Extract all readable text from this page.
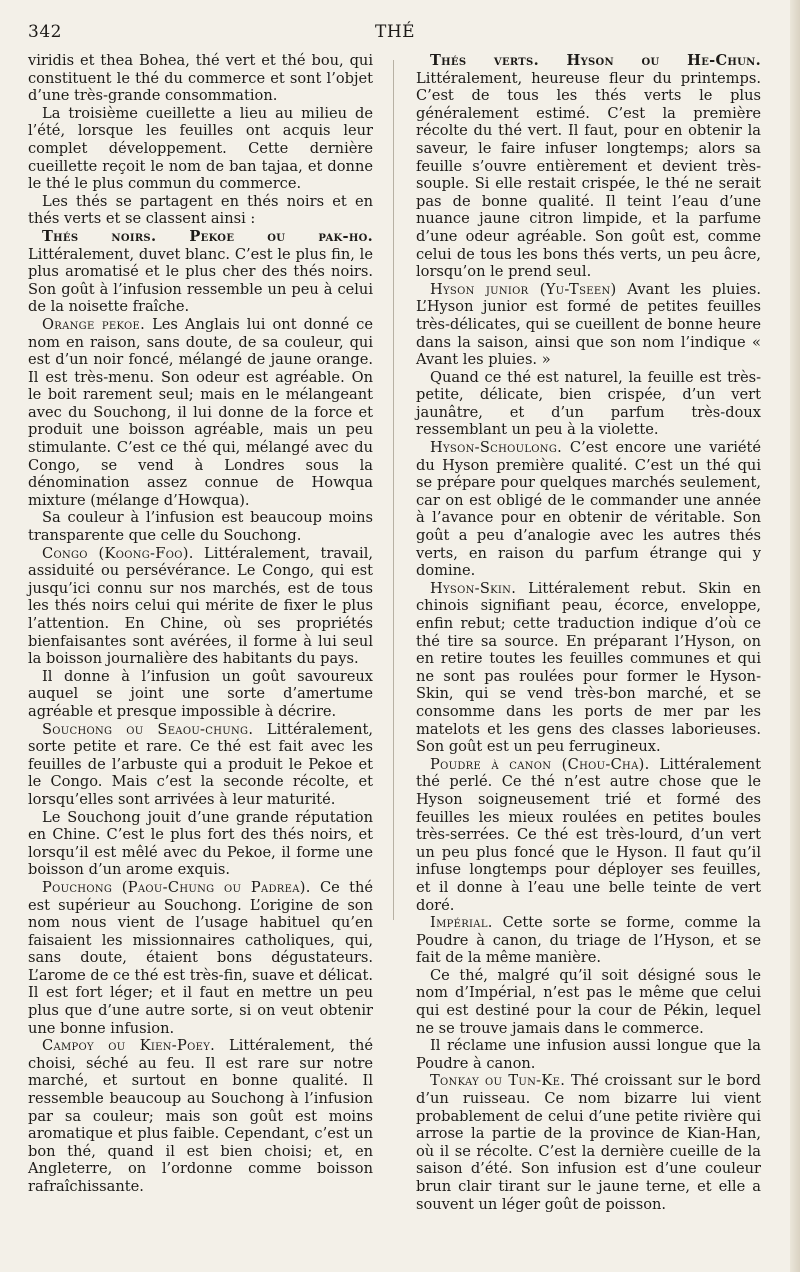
342	THÉ

viridis et thea Bohea, thé vert et thé bou, qui constituent le thé du commerce et sont l’objet d’une très-grande consommation.

La troisième cueillette a lieu au milieu de l’été, lorsque les feuilles ont acquis leur complet développement. Cette dernière cueillette reçoit le nom de ban tajaa, et donne le thé le plus commun du commerce.

Les thés se partagent en thés noirs et en thés verts et se classent ainsi :

Thés noirs. Pekoe ou pak-ho. Littéralement, duvet blanc. C’est le plus fin, le plus aromatisé et le plus cher des thés noirs. Son goût à l’infusion ressemble un peu à celui de la noisette fraîche.

Orange pekoe. Les Anglais lui ont donné ce nom en raison, sans doute, de sa couleur, qui est d’un noir foncé, mélangé de jaune orange. Il est très-menu. Son odeur est agréable. On le boit rarement seul; mais en le mélangeant avec du Souchong, il lui donne de la force et produit une boisson agréable, mais un peu stimulante. C’est ce thé qui, mélangé avec du Congo, se vend à Londres sous la dénomination assez connue de Howqua mixture (mélange d’Howqua).

Sa couleur à l’infusion est beaucoup moins transparente que celle du Souchong.

Congo (Koong-Foo). Littéralement, travail, assiduité ou persévérance. Le Congo, qui est jusqu’ici connu sur nos marchés, est de tous les thés noirs celui qui mérite de fixer le plus l’attention. En Chine, où ses propriétés bienfaisantes sont avérées, il forme à lui seul la boisson journalière des habitants du pays.

Il donne à l’infusion un goût savoureux auquel se joint une sorte d’amertume agréable et presque impossible à décrire.

Souchong ou Seaou-chung. Littéralement, sorte petite et rare. Ce thé est fait avec les feuilles de l’arbuste qui a produit le Pekoe et le Congo. Mais c’est la seconde récolte, et lorsqu’elles sont arrivées à leur maturité.

Le Souchong jouit d’une grande réputation en Chine. C’est le plus fort des thés noirs, et lorsqu’il est mêlé avec du Pekoe, il forme une boisson d’un arome exquis.

Pouchong (Paou-Chung ou Padrea). Ce thé est supérieur au Souchong. L’origine de son nom nous vient de l’usage habituel qu’en faisaient les missionnaires catholiques, qui, sans doute, étaient bons dégustateurs. L’arome de ce thé est très-fin, suave et délicat. Il est fort léger; et il faut en mettre un peu plus que d’une autre sorte, si on veut obtenir une bonne infusion.

Campoy ou Kien-Poey. Littéralement, thé choisi, séché au feu. Il est rare sur notre marché, et surtout en bonne qualité. Il ressemble beaucoup au Souchong à l’infusion par sa couleur; mais son goût est moins aromatique et plus faible. Cependant, c’est un bon thé, quand il est bien choisi; et, en Angleterre, on l’ordonne comme boisson rafraîchissante.

Thés verts. Hyson ou He-Chun. Littéralement, heureuse fleur du printemps. C’est de tous les thés verts le plus généralement estimé. C’est la première récolte du thé vert. Il faut, pour en obtenir la saveur, le faire infuser longtemps; alors sa feuille s’ouvre entièrement et devient très-souple. Si elle restait crispée, le thé ne serait pas de bonne qualité. Il teint l’eau d’une nuance jaune citron limpide, et la parfume d’une odeur agréable. Son goût est, comme celui de tous les bons thés verts, un peu âcre, lorsqu’on le prend seul.

Hyson junior (Yu-Tseen) Avant les pluies. L’Hyson junior est formé de petites feuilles très-délicates, qui se cueillent de bonne heure dans la saison, ainsi que son nom l’indique « Avant les pluies. »

Quand ce thé est naturel, la feuille est très-petite, délicate, bien crispée, d’un vert jaunâtre, et d’un parfum très-doux ressemblant un peu à la violette.

Hyson-Schoulong. C’est encore une variété du Hyson première qualité. C’est un thé qui se prépare pour quelques marchés seulement, car on est obligé de le commander une année à l’avance pour en obtenir de véritable. Son goût a peu d’analogie avec les autres thés verts, en raison du parfum étrange qui y domine.

Hyson-Skin. Littéralement rebut. Skin en chinois signifiant peau, écorce, enveloppe, enfin rebut; cette traduction indique d’où ce thé tire sa source. En préparant l’Hyson, on en retire toutes les feuilles communes et qui ne sont pas roulées pour former le Hyson-Skin, qui se vend très-bon marché, et se consomme dans les ports de mer par les matelots et les gens des classes laborieuses. Son goût est un peu ferrugineux.

Poudre à canon (Chou-Cha). Littéralement thé perlé. Ce thé n’est autre chose que le Hyson soigneusement trié et formé des feuilles les mieux roulées en petites boules très-serrées. Ce thé est très-lourd, d’un vert un peu plus foncé que le Hyson. Il faut qu’il infuse longtemps pour déployer ses feuilles, et il donne à l’eau une belle teinte de vert doré.

Impérial. Cette sorte se forme, comme la Poudre à canon, du triage de l’Hyson, et se fait de la même manière.

Ce thé, malgré qu’il soit désigné sous le nom d’Impérial, n’est pas le même que celui qui est destiné pour la cour de Pékin, lequel ne se trouve jamais dans le commerce.

Il réclame une infusion aussi longue que la Poudre à canon.

Tonkay ou Tun-Ke. Thé croissant sur le bord d’un ruisseau. Ce nom bizarre lui vient probablement de celui d’une petite rivière qui arrose la partie de la province de Kian-Han, où il se récolte. C’est la dernière cueille de la saison d’été. Son infusion est d’une couleur brun clair tirant sur le jaune terne, et elle a souvent un léger goût de poisson.
